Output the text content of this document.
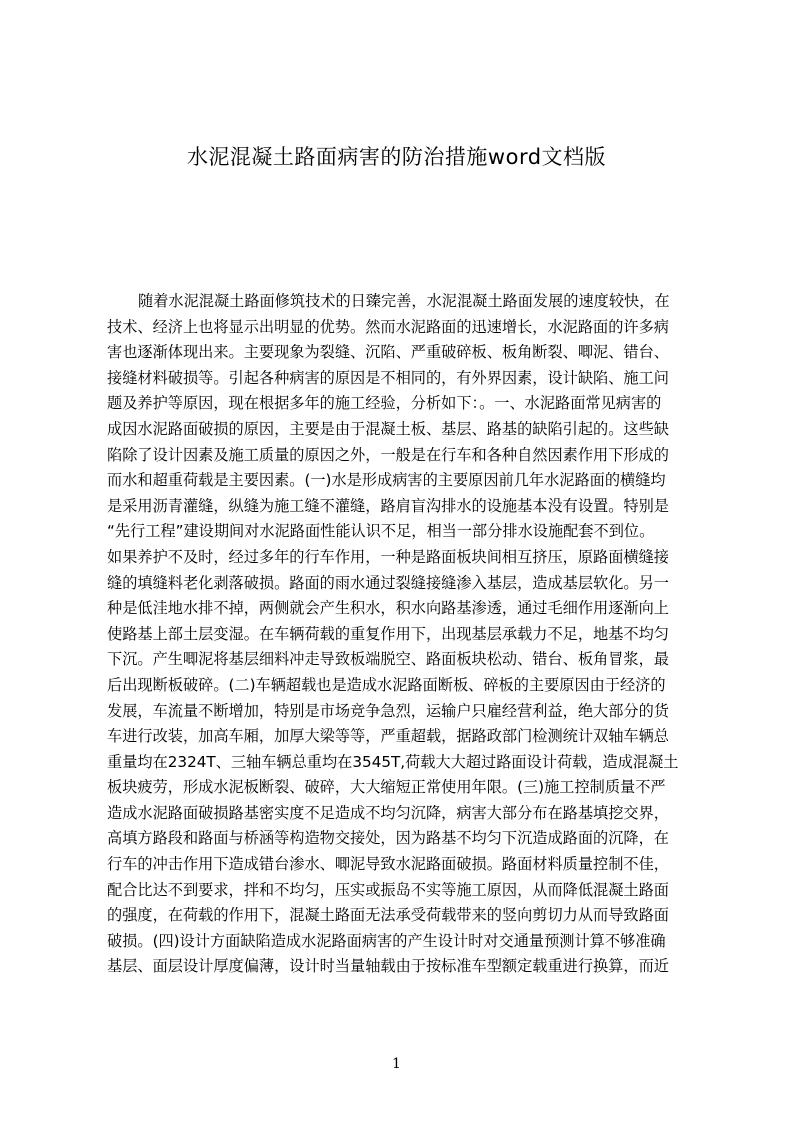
水泥混凝土路面病害的防治措施word文档版
随着水泥混凝土路面修筑技术的日臻完善，水泥混凝土路面发展的速度较快，在
技术、经济上也将显示出明显的优势。然而水泥路面的迅速增长，水泥路面的许多病
害也逐渐体现出来。主要现象为裂缝、沉陷、严重破碎板、板角断裂、唧泥、错台、
接缝材料破损等。引起各种病害的原因是不相同的，有外界因素，设计缺陷、施工问
题及养护等原因，现在根据多年的施工经验，分析如下：。一、水泥路面常见病害的
成因水泥路面破损的原因，主要是由于混凝土板、基层、路基的缺陷引起的。这些缺
陷除了设计因素及施工质量的原因之外，一般是在行车和各种自然因素作用下形成的
而水和超重荷载是主要因素。(一)水是形成病害的主要原因前几年水泥路面的横缝均
是采用沥青灌缝，纵缝为施工缝不灌缝，路肩盲沟排水的设施基本没有设置。特别是
“先行工程”建设期间对水泥路面性能认识不足，相当一部分排水设施配套不到位。
如果养护不及时，经过多年的行车作用，一种是路面板块间相互挤压，原路面横缝接
缝的填缝料老化剥落破损。路面的雨水通过裂缝接缝渗入基层，造成基层软化。另一
种是低洼地水排不掉，两侧就会产生积水，积水向路基渗透，通过毛细作用逐渐向上
使路基上部土层变湿。在车辆荷载的重复作用下，出现基层承载力不足，地基不均匀
下沉。产生唧泥将基层细料冲走导致板端脱空、路面板块松动、错台、板角冒浆，最
后出现断板破碎。(二)车辆超载也是造成水泥路面断板、碎板的主要原因由于经济的
发展，车流量不断增加，特别是市场竞争急烈，运输户只雇经营利益，绝大部分的货
车进行改装，加高车厢，加厚大梁等等，严重超载，据路政部门检测统计双轴车辆总
重量均在2324T、三轴车辆总重均在3545T,荷载大大超过路面设计荷载，造成混凝土
板块疲劳，形成水泥板断裂、破碎，大大缩短正常使用年限。(三)施工控制质量不严
造成水泥路面破损路基密实度不足造成不均匀沉降，病害大部分布在路基填挖交界，
高填方路段和路面与桥涵等构造物交接处，因为路基不均匀下沉造成路面的沉降，在
行车的冲击作用下造成错台渗水、唧泥导致水泥路面破损。路面材料质量控制不佳，
配合比达不到要求，拌和不均匀，压实或振岛不实等施工原因，从而降低混凝土路面
的强度，在荷载的作用下，混凝土路面无法承受荷载带来的竖向剪切力从而导致路面
破损。(四)设计方面缺陷造成水泥路面病害的产生设计时对交通量预测计算不够准确
基层、面层设计厚度偏薄，设计时当量轴载由于按标准车型额定载重进行换算，而近
1
